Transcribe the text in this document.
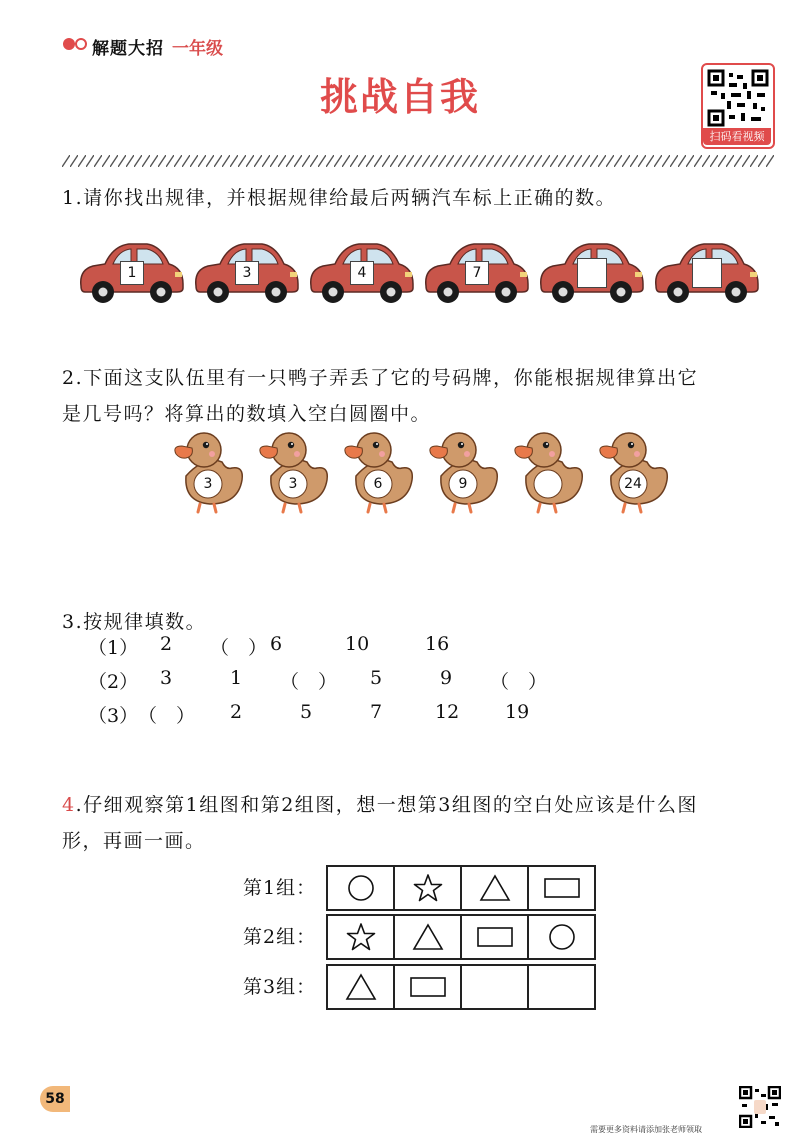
解题大招 一年级
挑战自我
扫码看视频
1.请你找出规律，并根据规律给最后两辆汽车标上正确的数。
1	3	4	7
2.下面这支队伍里有一只鸭子弄丢了它的号码牌，你能根据规律算出它
是几号吗？将算出的数填入空白圆圈中。
3	3	6	9	24
3.按规律填数。
（1） 2 （　） 6	10	16
（2） 3	1 （　） 5	9 （　）
（3） （　） 2	5	7	12 19
4.仔细观察第1组图和第2组图，想一想第3组图的空白处应该是什么图
形，再画一画。
第1组：
第2组：
第3组：
58
需要更多资料请添加张老师领取
